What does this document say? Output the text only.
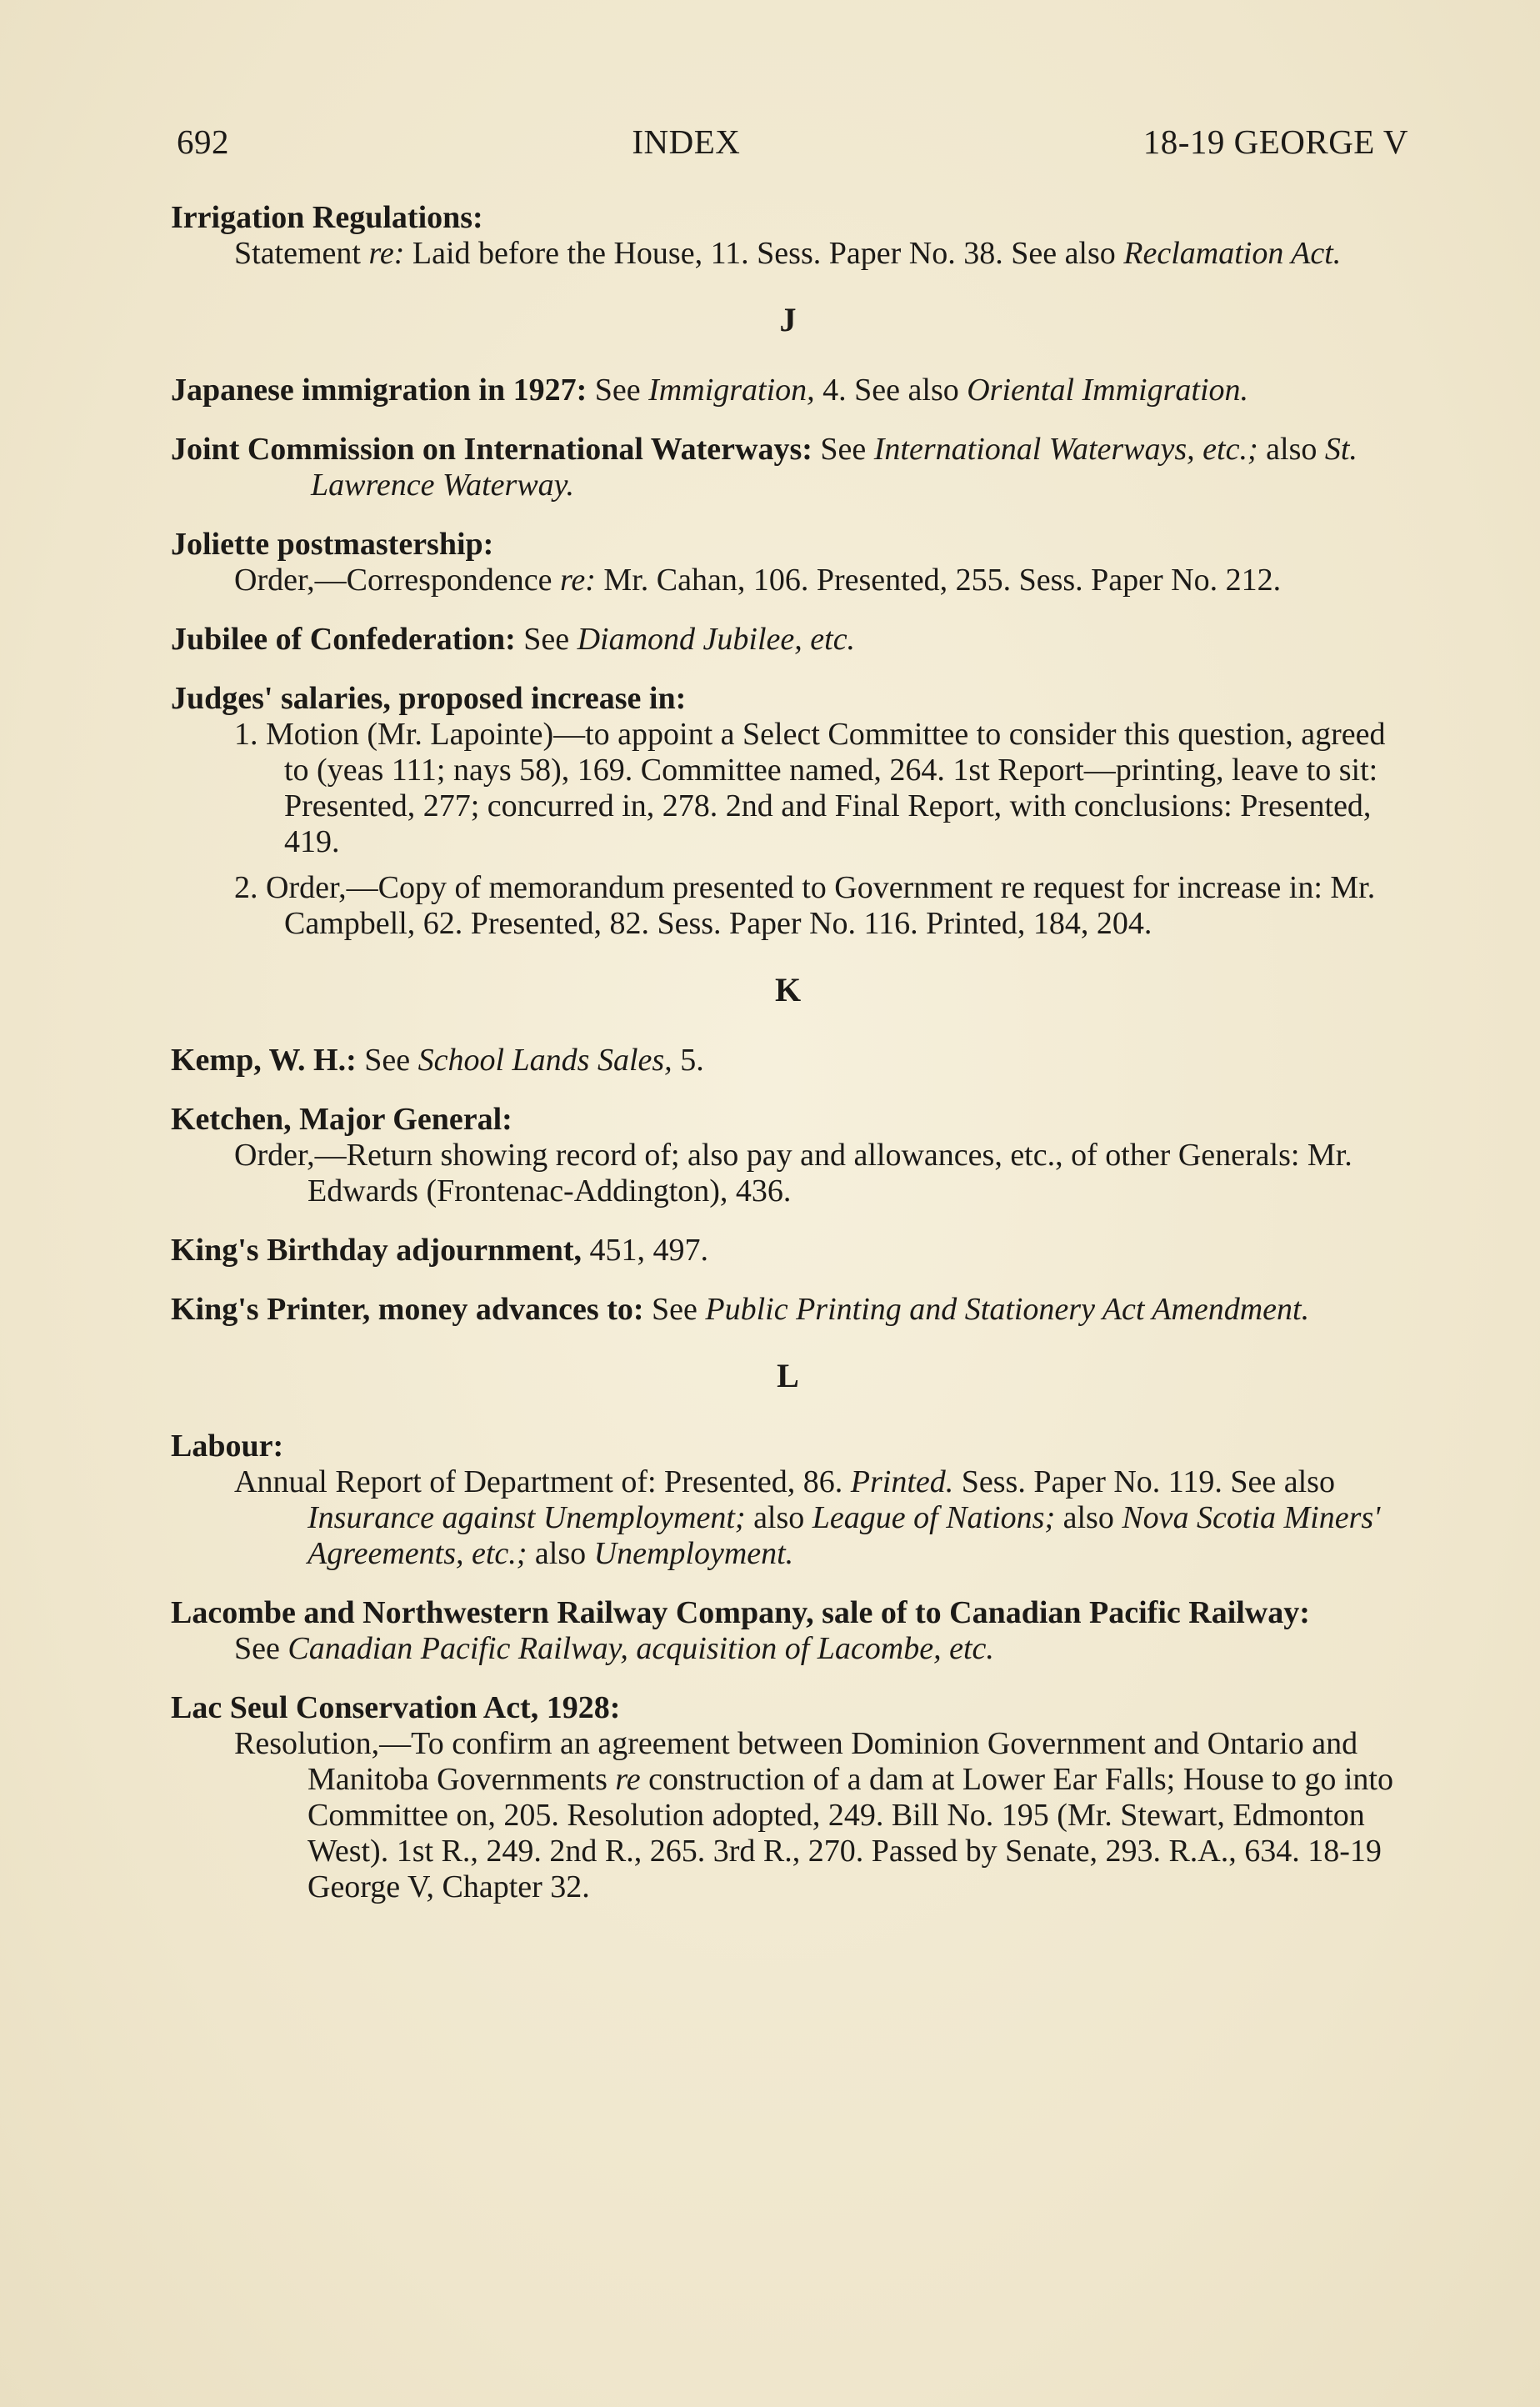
692	INDEX	18-19 GEORGE V
Irrigation Regulations:
Statement re: Laid before the House, 11. Sess. Paper No. 38. See also Reclamation Act.
J
Japanese immigration in 1927: See Immigration, 4. See also Oriental Immigration.
Joint Commission on International Waterways: See International Waterways, etc.; also St. Lawrence Waterway.
Joliette postmastership:
Order,—Correspondence re: Mr. Cahan, 106. Presented, 255. Sess. Paper No. 212.
Jubilee of Confederation: See Diamond Jubilee, etc.
Judges' salaries, proposed increase in:
1. Motion (Mr. Lapointe)—to appoint a Select Committee to consider this question, agreed to (yeas 111; nays 58), 169. Committee named, 264. 1st Report—printing, leave to sit: Presented, 277; concurred in, 278. 2nd and Final Report, with conclusions: Presented, 419.
2. Order,—Copy of memorandum presented to Government re request for increase in: Mr. Campbell, 62. Presented, 82. Sess. Paper No. 116. Printed, 184, 204.
K
Kemp, W. H.: See School Lands Sales, 5.
Ketchen, Major General:
Order,—Return showing record of; also pay and allowances, etc., of other Generals: Mr. Edwards (Frontenac-Addington), 436.
King's Birthday adjournment, 451, 497.
King's Printer, money advances to: See Public Printing and Stationery Act Amendment.
L
Labour:
Annual Report of Department of: Presented, 86. Printed. Sess. Paper No. 119. See also Insurance against Unemployment; also League of Nations; also Nova Scotia Miners' Agreements, etc.; also Unemployment.
Lacombe and Northwestern Railway Company, sale of to Canadian Pacific Railway:
See Canadian Pacific Railway, acquisition of Lacombe, etc.
Lac Seul Conservation Act, 1928:
Resolution,—To confirm an agreement between Dominion Government and Ontario and Manitoba Governments re construction of a dam at Lower Ear Falls; House to go into Committee on, 205. Resolution adopted, 249. Bill No. 195 (Mr. Stewart, Edmonton West). 1st R., 249. 2nd R., 265. 3rd R., 270. Passed by Senate, 293. R.A., 634. 18-19 George V, Chapter 32.
